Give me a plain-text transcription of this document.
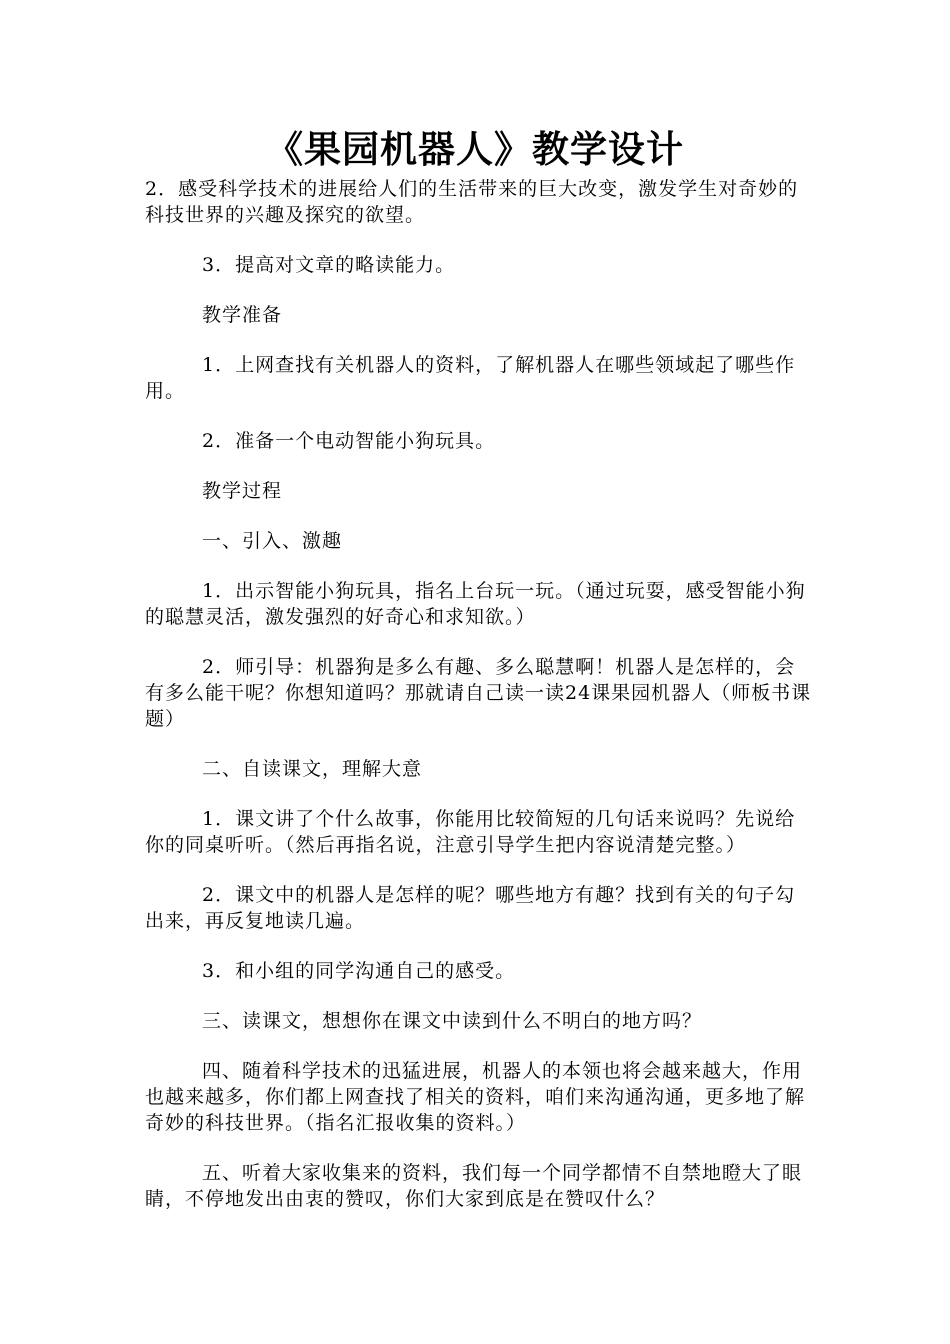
《果园机器人》教学设计

2．感受科学技术的进展给人们的生活带来的巨大改变，激发学生对奇妙的科技世界的兴趣及探究的欲望。

3．提高对文章的略读能力。

教学准备

1．上网查找有关机器人的资料，了解机器人在哪些领域起了哪些作用。

2．准备一个电动智能小狗玩具。

教学过程

一、引入、激趣

1．出示智能小狗玩具，指名上台玩一玩。（通过玩耍，感受智能小狗的聪慧灵活，激发强烈的好奇心和求知欲。）

2．师引导：机器狗是多么有趣、多么聪慧啊！机器人是怎样的，会有多么能干呢？你想知道吗？那就请自己读一读24课果园机器人（师板书课题）

二、自读课文，理解大意

1．课文讲了个什么故事，你能用比较简短的几句话来说吗？先说给你的同桌听听。（然后再指名说，注意引导学生把内容说清楚完整。）

2．课文中的机器人是怎样的呢？哪些地方有趣？找到有关的句子勾出来，再反复地读几遍。

3．和小组的同学沟通自己的感受。

三、读课文，想想你在课文中读到什么不明白的地方吗？

四、随着科学技术的迅猛进展，机器人的本领也将会越来越大，作用也越来越多，你们都上网查找了相关的资料，咱们来沟通沟通，更多地了解奇妙的科技世界。（指名汇报收集的资料。）

五、听着大家收集来的资料，我们每一个同学都情不自禁地瞪大了眼睛，不停地发出由衷的赞叹，你们大家到底是在赞叹什么？
